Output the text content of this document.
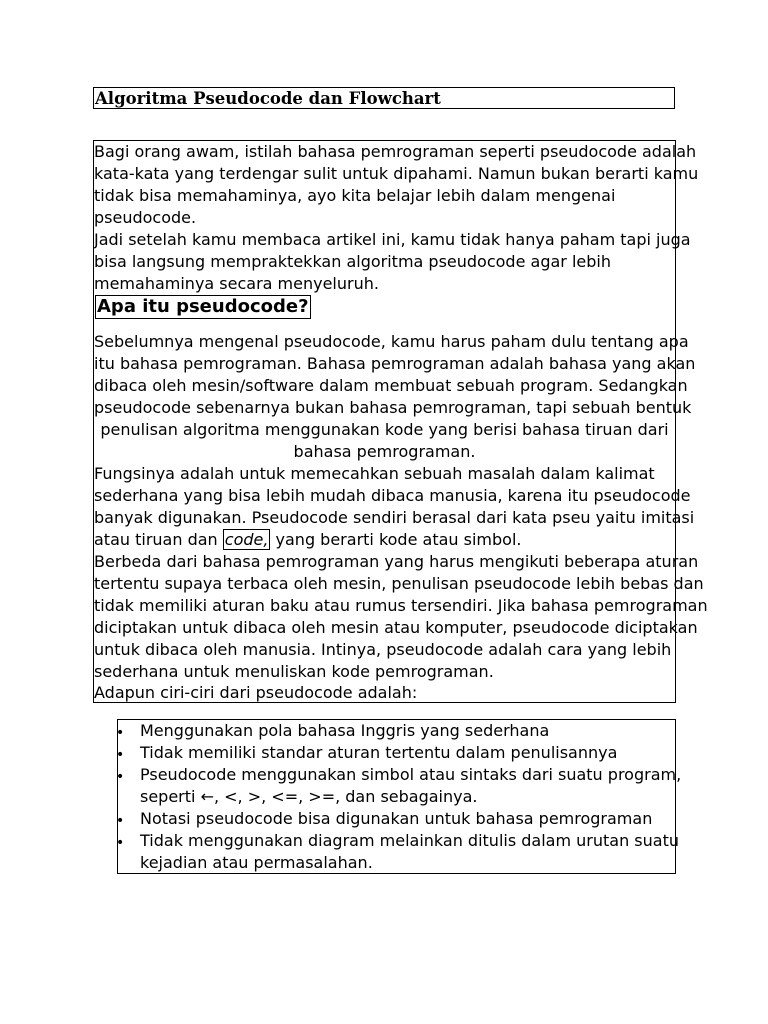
Algoritma Pseudocode dan Flowchart
Bagi orang awam, istilah bahasa pemrograman seperti pseudocode adalah
kata-kata yang terdengar sulit untuk dipahami. Namun bukan berarti kamu
tidak bisa memahaminya, ayo kita belajar lebih dalam mengenai
pseudocode.
Jadi setelah kamu membaca artikel ini, kamu tidak hanya paham tapi juga
bisa langsung mempraktekkan algoritma pseudocode agar lebih
memahaminya secara menyeluruh.
Apa itu pseudocode?
Sebelumnya mengenal pseudocode, kamu harus paham dulu tentang apa
itu bahasa pemrograman. Bahasa pemrograman adalah bahasa yang akan
dibaca oleh mesin/software dalam membuat sebuah program. Sedangkan
pseudocode sebenarnya bukan bahasa pemrograman, tapi sebuah bentuk
penulisan algoritma menggunakan kode yang berisi bahasa tiruan dari
bahasa pemrograman.
Fungsinya adalah untuk memecahkan sebuah masalah dalam kalimat
sederhana yang bisa lebih mudah dibaca manusia, karena itu pseudocode
banyak digunakan. Pseudocode sendiri berasal dari kata pseu yaitu imitasi
atau tiruan dan code, yang berarti kode atau simbol.
Berbeda dari bahasa pemrograman yang harus mengikuti beberapa aturan
tertentu supaya terbaca oleh mesin, penulisan pseudocode lebih bebas dan
tidak memiliki aturan baku atau rumus tersendiri. Jika bahasa pemrograman
diciptakan untuk dibaca oleh mesin atau komputer, pseudocode diciptakan
untuk dibaca oleh manusia. Intinya, pseudocode adalah cara yang lebih
sederhana untuk menuliskan kode pemrograman.
Adapun ciri-ciri dari pseudocode adalah:
• Menggunakan pola bahasa Inggris yang sederhana
• Tidak memiliki standar aturan tertentu dalam penulisannya
• Pseudocode menggunakan simbol atau sintaks dari suatu program,
seperti ←, <, >, <=, >=, dan sebagainya.
• Notasi pseudocode bisa digunakan untuk bahasa pemrograman
• Tidak menggunakan diagram melainkan ditulis dalam urutan suatu
kejadian atau permasalahan.
